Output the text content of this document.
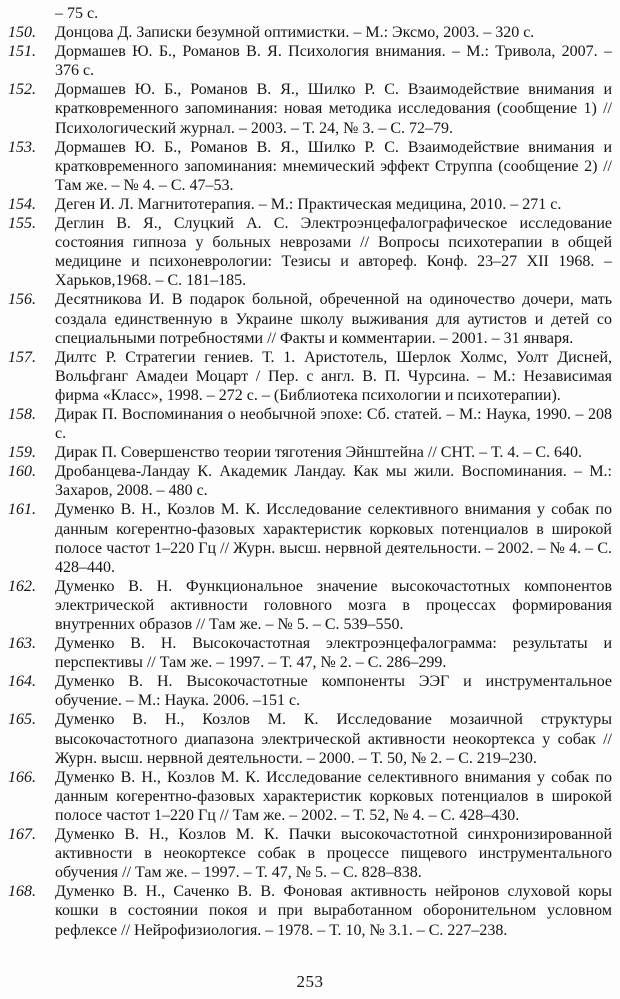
– 75 с.
150.	Донцова Д. Записки безумной оптимистки. – М.: Эксмо, 2003. – 320 с.
151.	Дормашев Ю. Б., Романов В. Я. Психология внимания. – М.: Тривола, 2007. – 376 с.
152.	Дормашев Ю. Б., Романов В. Я., Шилко Р. С. Взаимодействие внимания и кратковременного запоминания: новая методика исследования (сообщение 1) // Психологический журнал. – 2003. – Т. 24, № 3. – С. 72–79.
153.	Дормашев Ю. Б., Романов В. Я., Шилко Р. С. Взаимодействие внимания и кратковременного запоминания: мнемический эффект Струппа (сообщение 2) // Там же. – № 4. – С. 47–53.
154.	Деген И. Л. Магнитотерапия. – М.: Практическая медицина, 2010. – 271 с.
155.	Деглин В. Я., Слуцкий А. С. Электроэнцефалографическое исследование состояния гипноза у больных неврозами // Вопросы психотерапии в общей медицине и психоневрологии: Тезисы и автореф. Конф. 23–27 XII 1968. – Харьков,1968. – С. 181–185.
156.	Десятникова И. В подарок больной, обреченной на одиночество дочери, мать создала единственную в Украине школу выживания для аутистов и детей со специальными потребностями // Факты и комментарии. – 2001. – 31 января.
157.	Дилтс Р. Стратегии гениев. Т. 1. Аристотель, Шерлок Холмс, Уолт Дисней, Вольфганг Амадеи Моцарт / Пер. с англ. В. П. Чурсина. – М.: Независимая фирма «Класс», 1998. – 272 с. – (Библиотека психологии и психотерапии).
158.	Дирак П. Воспоминания о необычной эпохе: Сб. статей. – М.: Наука, 1990. – 208 с.
159.	Дирак П. Совершенство теории тяготения Эйнштейна // СНТ. – Т. 4. – С. 640.
160.	Дробанцева-Ландау К. Академик Ландау. Как мы жили. Воспоминания. – М.: Захаров, 2008. – 480 с.
161.	Думенко В. Н., Козлов М. К. Исследование селективного внимания у собак по данным когерентно-фазовых характеристик корковых потенциалов в широкой полосе частот 1–220 Гц // Журн. высш. нервной деятельности. – 2002. – № 4. – С. 428–440.
162.	Думенко В. Н. Функциональное значение высокочастотных компонентов электрической активности головного мозга в процессах формирования внутренних образов // Там же. – № 5. – С. 539–550.
163.	Думенко В. Н. Высокочастотная электроэнцефалограмма: результаты и перспективы // Там же. – 1997. – Т. 47, № 2. – С. 286–299.
164.	Думенко В. Н. Высокочастотные компоненты ЭЭГ и инструментальное обучение. – М.: Наука. 2006. –151 с.
165.	Думенко В. Н., Козлов М. К. Исследование мозаичной структуры высокочастотного диапазона электрической активности неокортекса у собак // Журн. высш. нервной деятельности. – 2000. – Т. 50, № 2. – С. 219–230.
166.	Думенко В. Н., Козлов М. К. Исследование селективного внимания у собак по данным когерентно-фазовых характеристик корковых потенциалов в широкой полосе частот 1–220 Гц // Там же. – 2002. – Т. 52, № 4. – С. 428–430.
167.	Думенко В. Н., Козлов М. К. Пачки высокочастотной синхронизированной активности в неокортексе собак в процессе пищевого инструментального обучения // Там же. – 1997. – Т. 47, № 5. – С. 828–838.
168.	Думенко В. Н., Саченко В. В. Фоновая активность нейронов слуховой коры кошки в состоянии покоя и при выработанном оборонительном условном рефлексе // Нейрофизиология. – 1978. – Т. 10, № 3.1. – С. 227–238.
253
